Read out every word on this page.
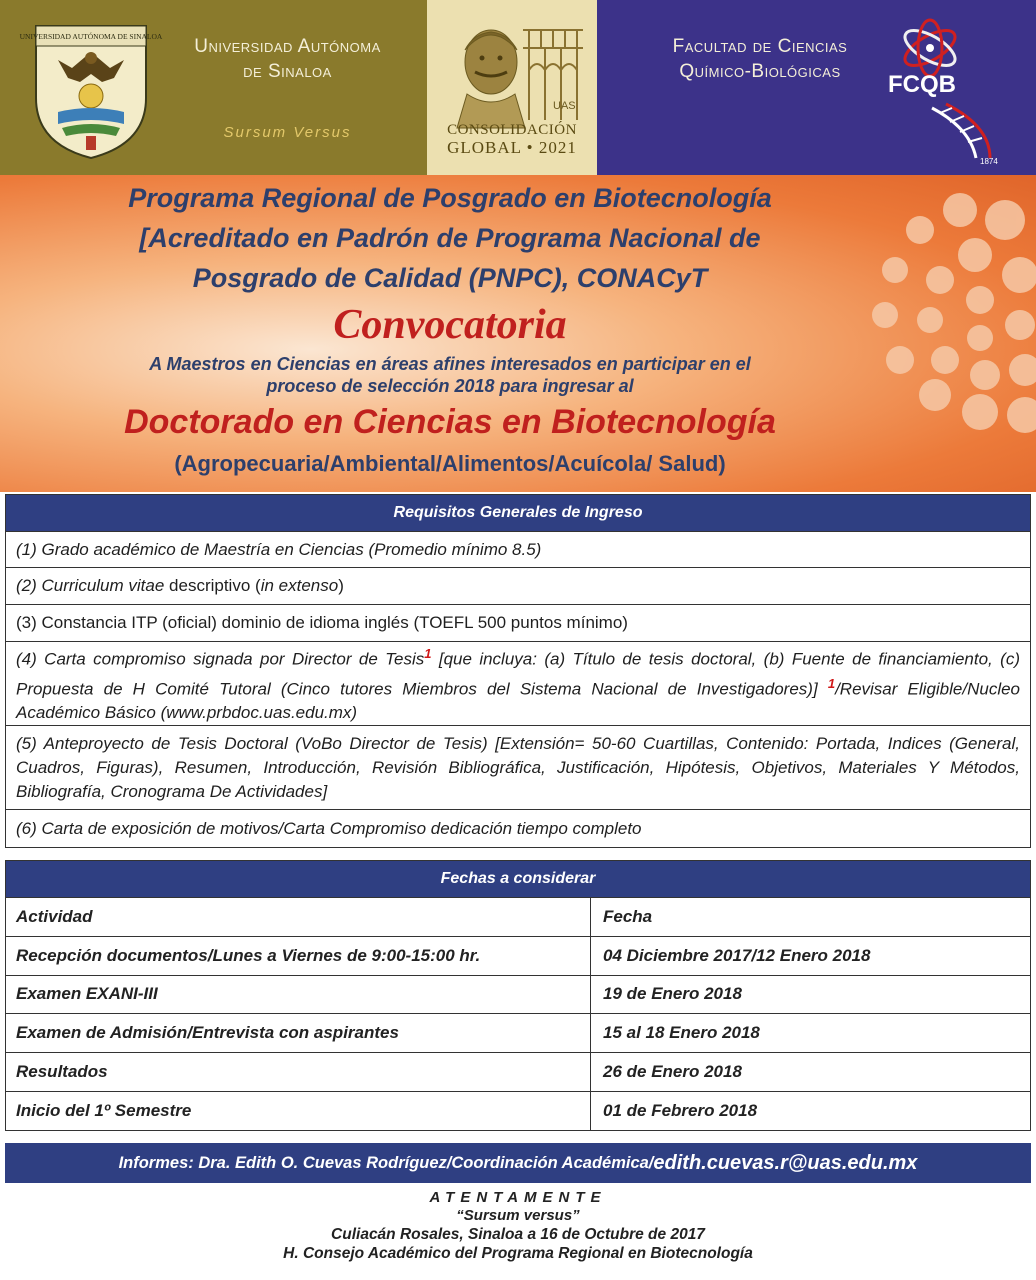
UNIVERSIDAD AUTÓNOMA DE SINALOA	Universidad Autónoma
de Sinaloa
Sursum Versus
UAS
CONSOLIDACIÓN
GLOBAL • 2021
Facultad de Ciencias
Químico-Biológicas	FCQB
1874
Programa Regional de Posgrado en Biotecnología
[Acreditado en Padrón de Programa Nacional de
Posgrado de Calidad (PNPC), CONACyT
Convocatoria
A Maestros en Ciencias en áreas afines interesados en participar en el
proceso de selección 2018 para ingresar al
Doctorado en Ciencias en Biotecnología
(Agropecuaria/Ambiental/Alimentos/Acuícola/ Salud)
Requisitos Generales de Ingreso
(1) Grado académico de Maestría en Ciencias (Promedio mínimo 8.5)
(2) Curriculum vitae descriptivo (in extenso)
(3) Constancia ITP (oficial) dominio de idioma inglés (TOEFL 500 puntos mínimo)
(4) Carta compromiso signada por Director de Tesis$^1$ [que incluya: (a) Título de tesis doctoral, (b) Fuente de financiamiento, (c) Propuesta de H Comité Tutoral (Cinco tutores Miembros del Sistema Nacional de Investigadores)] $^1$/Revisar Eligible/Nucleo Académico Básico (www.prbdoc.uas.edu.mx)
(5) Anteproyecto de Tesis Doctoral (VoBo Director de Tesis) [Extensión= 50-60 Cuartillas, Contenido: Portada, Indices (General, Cuadros, Figuras), Resumen, Introducción, Revisión Bibliográfica, Justificación, Hipótesis, Objetivos, Materiales Y Métodos, Bibliografía, Cronograma De Actividades]
(6) Carta de exposición de motivos/Carta Compromiso dedicación tiempo completo
Fechas a considerar
Actividad	Fecha
Recepción documentos/Lunes a Viernes de 9:00-15:00 hr.	04 Diciembre 2017/12 Enero 2018
Examen EXANI-III	19 de Enero 2018
Examen de Admisión/Entrevista con aspirantes	15 al 18 Enero 2018
Resultados	26 de Enero 2018
Inicio del 1º Semestre	01 de Febrero 2018
Informes: Dra. Edith O. Cuevas Rodríguez/Coordinación Académica/ edith.cuevas.r@uas.edu.mx
ATENTAMENTE
“Sursum versus”
Culiacán Rosales, Sinaloa a 16 de Octubre de 2017
H. Consejo Académico del Programa Regional en Biotecnología
